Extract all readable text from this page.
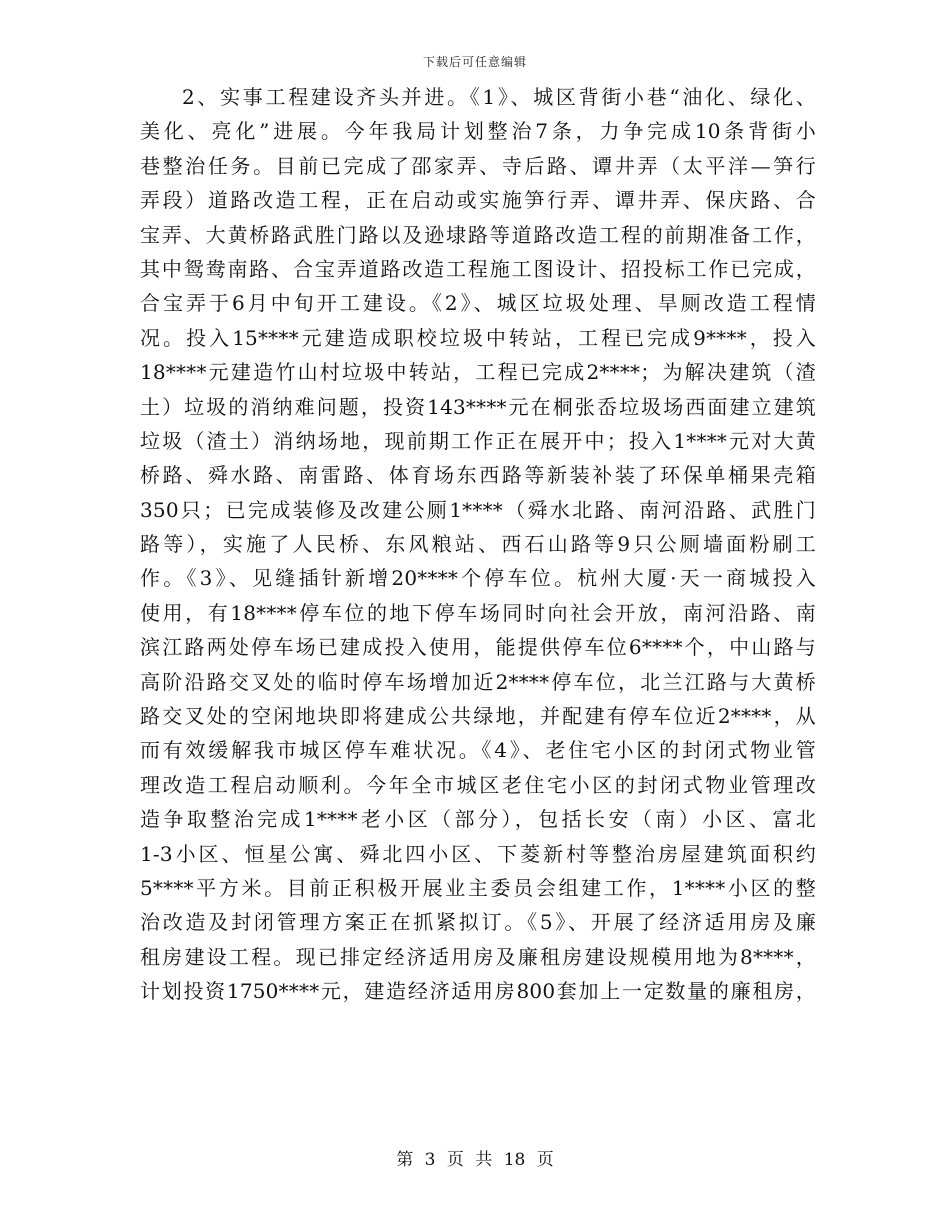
下载后可任意编辑
2、实事工程建设齐头并进。《1》、城区背街小巷“油化、绿化、
美化、亮化”进展。今年我局计划整治7条，力争完成10条背街小
巷整治任务。目前已完成了邵家弄、寺后路、谭井弄（太平洋—笋行
弄段）道路改造工程，正在启动或实施笋行弄、谭井弄、保庆路、合
宝弄、大黄桥路武胜门路以及逊埭路等道路改造工程的前期准备工作，
其中鸳鸯南路、合宝弄道路改造工程施工图设计、招投标工作已完成，
合宝弄于6月中旬开工建设。《2》、城区垃圾处理、旱厕改造工程情
况。投入15****元建造成职校垃圾中转站，工程已完成9****，投入
18****元建造竹山村垃圾中转站，工程已完成2****；为解决建筑（渣
土）垃圾的消纳难问题，投资143****元在桐张岙垃圾场西面建立建筑
垃圾（渣土）消纳场地，现前期工作正在展开中；投入1****元对大黄
桥路、舜水路、南雷路、体育场东西路等新装补装了环保单桶果壳箱
350只；已完成装修及改建公厕1****（舜水北路、南河沿路、武胜门
路等），实施了人民桥、东风粮站、西石山路等9只公厕墙面粉刷工
作。《3》、见缝插针新增20****个停车位。杭州大厦·天一商城投入
使用，有18****停车位的地下停车场同时向社会开放，南河沿路、南
滨江路两处停车场已建成投入使用，能提供停车位6****个，中山路与
高阶沿路交叉处的临时停车场增加近2****停车位，北兰江路与大黄桥
路交叉处的空闲地块即将建成公共绿地，并配建有停车位近2****，从
而有效缓解我市城区停车难状况。《4》、老住宅小区的封闭式物业管
理改造工程启动顺利。今年全市城区老住宅小区的封闭式物业管理改
造争取整治完成1****老小区（部分），包括长安（南）小区、富北
1-3小区、恒星公寓、舜北四小区、下菱新村等整治房屋建筑面积约
5****平方米。目前正积极开展业主委员会组建工作，1****小区的整
治改造及封闭管理方案正在抓紧拟订。《5》、开展了经济适用房及廉
租房建设工程。现已排定经济适用房及廉租房建设规模用地为8****，
计划投资1750****元，建造经济适用房800套加上一定数量的廉租房，
第 3 页 共 18 页
